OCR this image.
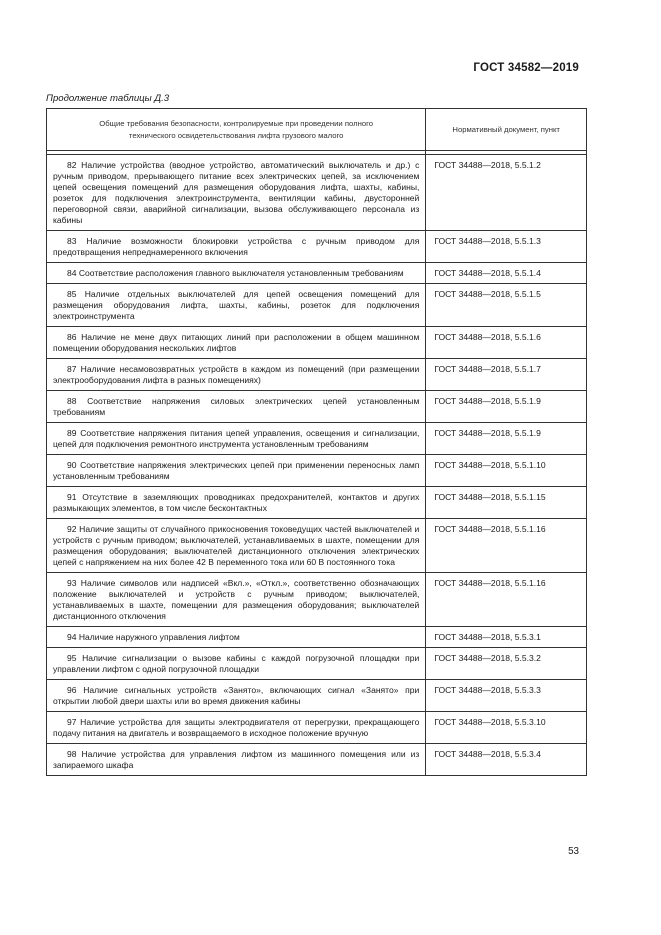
ГОСТ 34582—2019
Продолжение таблицы Д.3
Общие требования безопасности, контролируемые при проведении полного
технического освидетельствования лифта грузового малого	Нормативный документ, пункт

82 Наличие устройства (вводное устройство, автоматический выключатель и др.) с ручным приводом, прерывающего питание всех электрических цепей, за исключением цепей освещения помещений для размещения оборудования лифта, шахты, кабины, розеток для подключения электроинструмента, вентиляции кабины, двусторонней переговорной связи, аварийной сигнализации, вызова обслуживающего персонала из кабины	ГОСТ 34488—2018, 5.5.1.2

83 Наличие возможности блокировки устройства с ручным приводом для предотвращения непреднамеренного включения	ГОСТ 34488—2018, 5.5.1.3

84 Соответствие расположения главного выключателя установленным требованиям	ГОСТ 34488—2018, 5.5.1.4

85 Наличие отдельных выключателей для цепей освещения помещений для размещения оборудования лифта, шахты, кабины, розеток для подключения электроинструмента	ГОСТ 34488—2018, 5.5.1.5

86 Наличие не мене двух питающих линий при расположении в общем машинном помещении оборудования нескольких лифтов	ГОСТ 34488—2018, 5.5.1.6

87 Наличие несамовозвратных устройств в каждом из помещений (при размещении электрооборудования лифта в разных помещениях)	ГОСТ 34488—2018, 5.5.1.7

88 Соответствие напряжения силовых электрических цепей установленным требованиям	ГОСТ 34488—2018, 5.5.1.9

89 Соответствие напряжения питания цепей управления, освещения и сигнализации, цепей для подключения ремонтного инструмента установленным требованиям	ГОСТ 34488—2018, 5.5.1.9

90 Соответствие напряжения электрических цепей при применении переносных ламп установленным требованиям	ГОСТ 34488—2018, 5.5.1.10

91 Отсутствие в заземляющих проводниках предохранителей, контактов и других размыкающих элементов, в том числе бесконтактных	ГОСТ 34488—2018, 5.5.1.15

92 Наличие защиты от случайного прикосновения токоведущих частей выключателей и устройств с ручным приводом; выключателей, устанавливаемых в шахте, помещении для размещения оборудования; выключателей дистанционного отключения электрических цепей с напряжением на них более 42 В переменного тока или 60 В постоянного тока	ГОСТ 34488—2018, 5.5.1.16

93 Наличие символов или надписей «Вкл.», «Откл.», соответственно обозначающих положение выключателей и устройств с ручным приводом; выключателей, устанавливаемых в шахте, помещении для размещения оборудования; выключателей дистанционного отключения	ГОСТ 34488—2018, 5.5.1.16

94 Наличие наружного управления лифтом	ГОСТ 34488—2018, 5.5.3.1

95 Наличие сигнализации о вызове кабины с каждой погрузочной площадки при управлении лифтом с одной погрузочной площадки	ГОСТ 34488—2018, 5.5.3.2

96 Наличие сигнальных устройств «Занято», включающих сигнал «Занято» при открытии любой двери шахты или во время движения кабины	ГОСТ 34488—2018, 5.5.3.3

97 Наличие устройства для защиты электродвигателя от перегрузки, прекращающего подачу питания на двигатель и возвращаемого в исходное положение вручную	ГОСТ 34488—2018, 5.5.3.10

98 Наличие устройства для управления лифтом из машинного помещения или из запираемого шкафа	ГОСТ 34488—2018, 5.5.3.4
53
